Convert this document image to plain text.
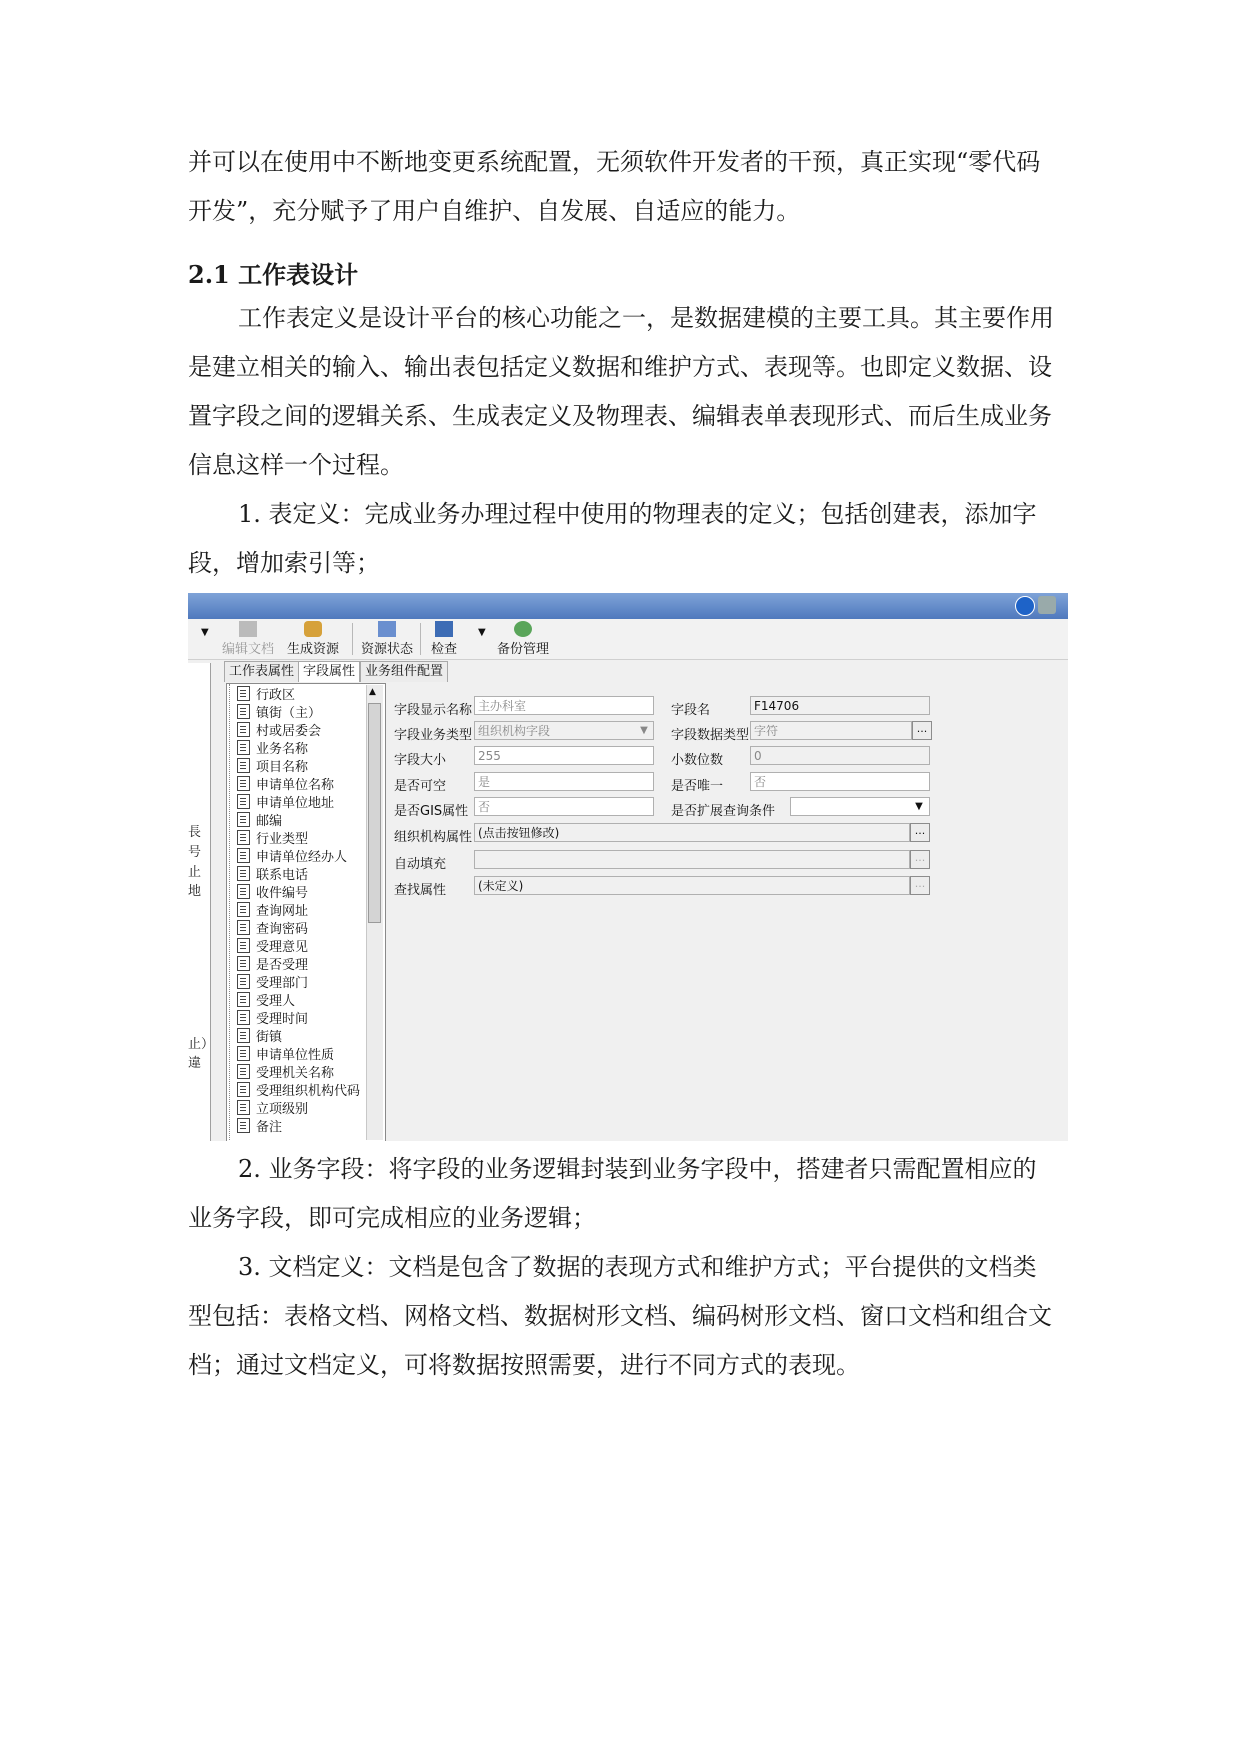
并可以在使用中不断地变更系统配置，无须软件开发者的干预，真正实现“零代码开发”，充分赋予了用户自维护、自发展、自适应的能力。

2.1 工作表设计

工作表定义是设计平台的核心功能之一，是数据建模的主要工具。其主要作用是建立相关的输入、输出表包括定义数据和维护方式、表现等。也即定义数据、设置字段之间的逻辑关系、生成表定义及物理表、编辑表单表现形式、而后生成业务信息这样一个过程。

1. 表定义：完成业务办理过程中使用的物理表的定义；包括创建表，添加字段，增加索引等；

▼
编辑文档 生成资源 资源状态 检查
▼
备份管理
長
号
止地
止）違
工作表属性 字段属性 业务组件配置
行政区
镇街（主）
村或居委会
业务名称
项目名称
申请单位名称
申请单位地址
邮编
行业类型
申请单位经办人
联系电话
收件编号
查询网址
查询密码
受理意见
是否受理
受理部门
受理人
受理时间
街镇
申请单位性质
受理机关名称
受理组织机构代码
立项级别
备注
▲
字段显示名称 主办科室	字段名	F14706
字段业务类型 组织机构字段	▼	字段数据类型 字符	...
字段大小	255	小数位数	0
是否可空	是	是否唯一	否
是否GIS属性 否	是否扩展查询条件	▼
组织机构属性 (点击按钮修改)	...
自动填充	...
查找属性	(未定义)	...

2. 业务字段：将字段的业务逻辑封装到业务字段中，搭建者只需配置相应的业务字段，即可完成相应的业务逻辑；

3. 文档定义：文档是包含了数据的表现方式和维护方式；平台提供的文档类型包括：表格文档、网格文档、数据树形文档、编码树形文档、窗口文档和组合文档；通过文档定义，可将数据按照需要，进行不同方式的表现。
